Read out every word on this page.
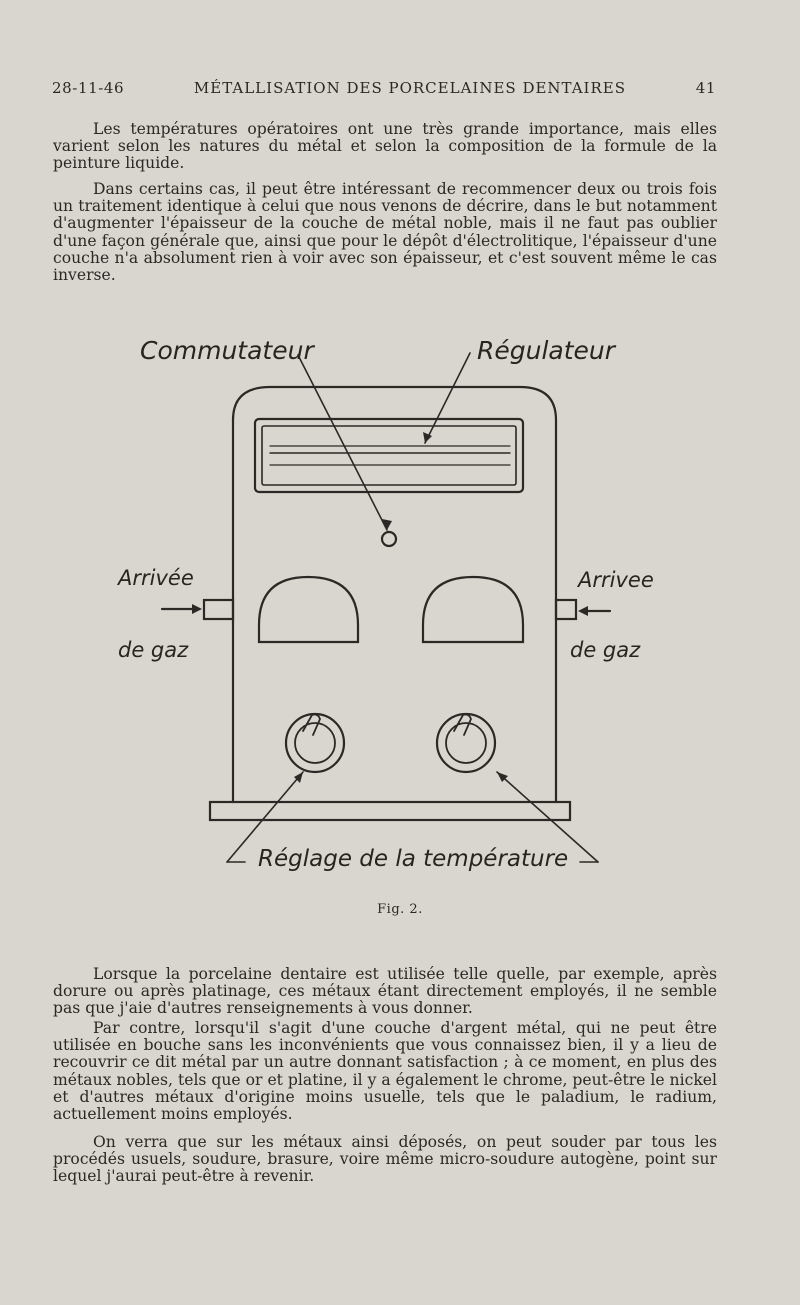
28-11-46	MÉTALLISATION DES PORCELAINES DENTAIRES	41

Les températures opératoires ont une très grande importance, mais elles varient selon les natures du métal et selon la composition de la formule de la peinture liquide.

Dans certains cas, il peut être intéressant de recommencer deux ou trois fois un traitement identique à celui que nous venons de décrire, dans le but notamment d'augmenter l'épaisseur de la couche de métal noble, mais il ne faut pas oublier d'une façon générale que, ainsi que pour le dépôt d'électrolitique, l'épaisseur d'une couche n'a absolument rien à voir avec son épaisseur, et c'est souvent même le cas inverse.

Commutateur	Régulateur
Arrivée
de gaz
Arrivee
de gaz
Réglage de la température
Fig. 2.

Lorsque la porcelaine dentaire est utilisée telle quelle, par exemple, après dorure ou après platinage, ces métaux étant directement employés, il ne semble pas que j'aie d'autres renseignements à vous donner.

Par contre, lorsqu'il s'agit d'une couche d'argent métal, qui ne peut être utilisée en bouche sans les inconvénients que vous connaissez bien, il y a lieu de recouvrir ce dit métal par un autre donnant satisfaction ; à ce moment, en plus des métaux nobles, tels que or et platine, il y a également le chrome, peut-être le nickel et d'autres métaux d'origine moins usuelle, tels que le paladium, le radium, actuellement moins employés.

On verra que sur les métaux ainsi déposés, on peut souder par tous les procédés usuels, soudure, brasure, voire même micro-soudure autogène, point sur lequel j'aurai peut-être à revenir.
